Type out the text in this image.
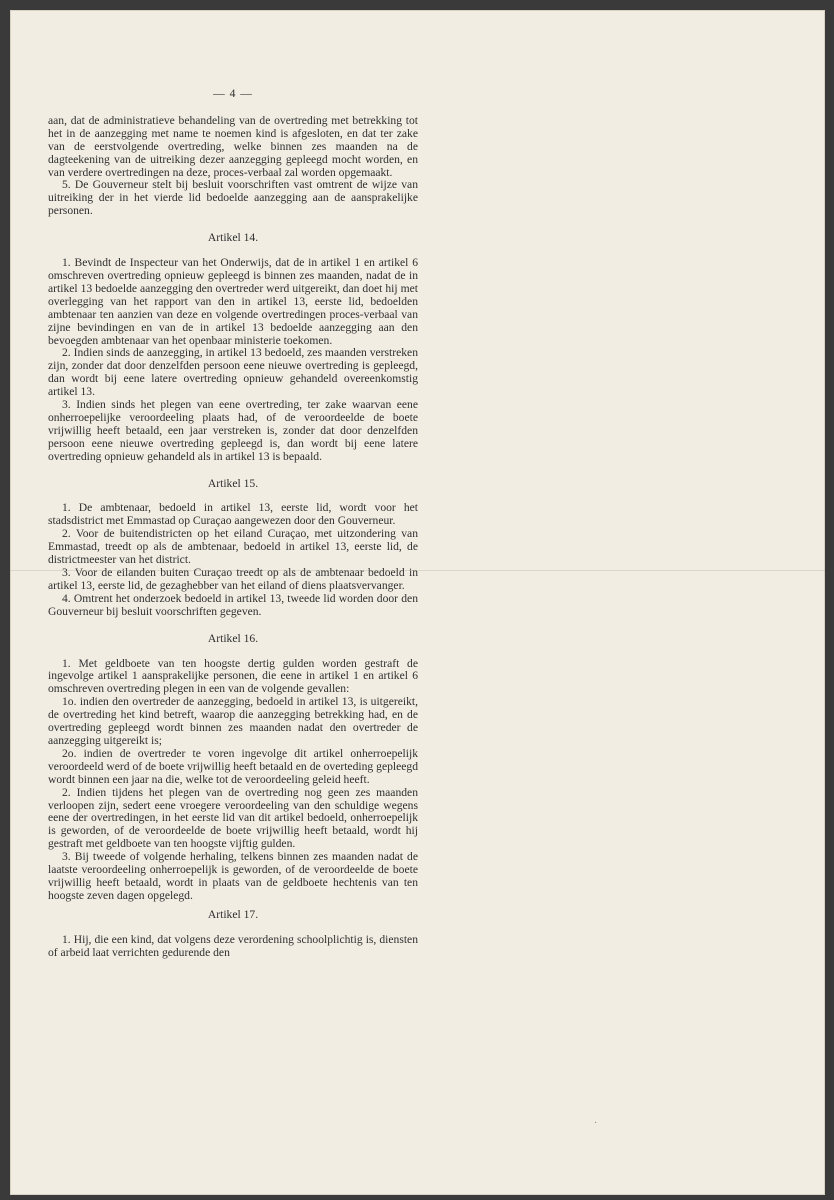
— 4 —

aan, dat de administratieve behandeling van de overtreding met betrekking tot het in de aanzegging met name te noemen kind is afgesloten, en dat ter zake van de eerstvolgende overtreding, welke binnen zes maanden na de dagteekening van de uitreiking dezer aanzegging gepleegd mocht worden, en van verdere overtredingen na deze, proces-verbaal zal worden opgemaakt.

5. De Gouverneur stelt bij besluit voorschriften vast omtrent de wijze van uitreiking der in het vierde lid bedoelde aanzegging aan de aansprakelijke personen.

Artikel 14.

1. Bevindt de Inspecteur van het Onderwijs, dat de in artikel 1 en artikel 6 omschreven overtreding opnieuw gepleegd is binnen zes maanden, nadat de in artikel 13 bedoelde aanzegging den overtreder werd uitgereikt, dan doet hij met overlegging van het rapport van den in artikel 13, eerste lid, bedoelden ambtenaar ten aanzien van deze en volgende overtredingen proces-verbaal van zijne bevindingen en van de in artikel 13 bedoelde aanzegging aan den bevoegden ambtenaar van het openbaar ministerie toekomen.

2. Indien sinds de aanzegging, in artikel 13 bedoeld, zes maanden verstreken zijn, zonder dat door denzelfden persoon eene nieuwe overtreding is gepleegd, dan wordt bij eene latere overtreding opnieuw gehandeld overeenkomstig artikel 13.

3. Indien sinds het plegen van eene overtreding, ter zake waarvan eene onherroepelijke veroordeeling plaats had, of de veroordeelde de boete vrijwillig heeft betaald, een jaar verstreken is, zonder dat door denzelfden persoon eene nieuwe overtreding gepleegd is, dan wordt bij eene latere overtreding opnieuw gehandeld als in artikel 13 is bepaald.

Artikel 15.

1. De ambtenaar, bedoeld in artikel 13, eerste lid, wordt voor het stadsdistrict met Emmastad op Curaçao aangewezen door den Gouverneur.

2. Voor de buitendistricten op het eiland Curaçao, met uitzondering van Emmastad, treedt op als de ambtenaar, bedoeld in artikel 13, eerste lid, de districtmeester van het district.

3. Voor de eilanden buiten Curaçao treedt op als de ambtenaar bedoeld in artikel 13, eerste lid, de gezaghebber van het eiland of diens plaatsvervanger.

4. Omtrent het onderzoek bedoeld in artikel 13, tweede lid worden door den Gouverneur bij besluit voorschriften gegeven.

Artikel 16.

1. Met geldboete van ten hoogste dertig gulden worden gestraft de ingevolge artikel 1 aansprakelijke personen, die eene in artikel 1 en artikel 6 omschreven overtreding plegen in een van de volgende gevallen:

1o. indien den overtreder de aanzegging, bedoeld in artikel 13, is uitgereikt, de overtreding het kind betreft, waarop die aanzegging betrekking had, en de overtreding gepleegd wordt binnen zes maanden nadat den overtreder de aanzegging uitgereikt is;

2o. indien de overtreder te voren ingevolge dit artikel onherroepelijk veroordeeld werd of de boete vrijwillig heeft betaald en de overteding gepleegd wordt binnen een jaar na die, welke tot de veroordeeling geleid heeft.

2. Indien tijdens het plegen van de overtreding nog geen zes maanden verloopen zijn, sedert eene vroegere veroordeeling van den schuldige wegens eene der overtredingen, in het eerste lid van dit artikel bedoeld, onherroepelijk is geworden, of de veroordeelde de boete vrijwillig heeft betaald, wordt hij gestraft met geldboete van ten hoogste vijftig gulden.

3. Bij tweede of volgende herhaling, telkens binnen zes maanden nadat de laatste veroordeeling onherroepelijk is geworden, of de veroordeelde de boete vrijwillig heeft betaald, wordt in plaats van de geldboete hechtenis van ten hoogste zeven dagen opgelegd.

Artikel 17.

1. Hij, die een kind, dat volgens deze verordening schoolplichtig is, diensten of arbeid laat verrichten gedurende den

·
